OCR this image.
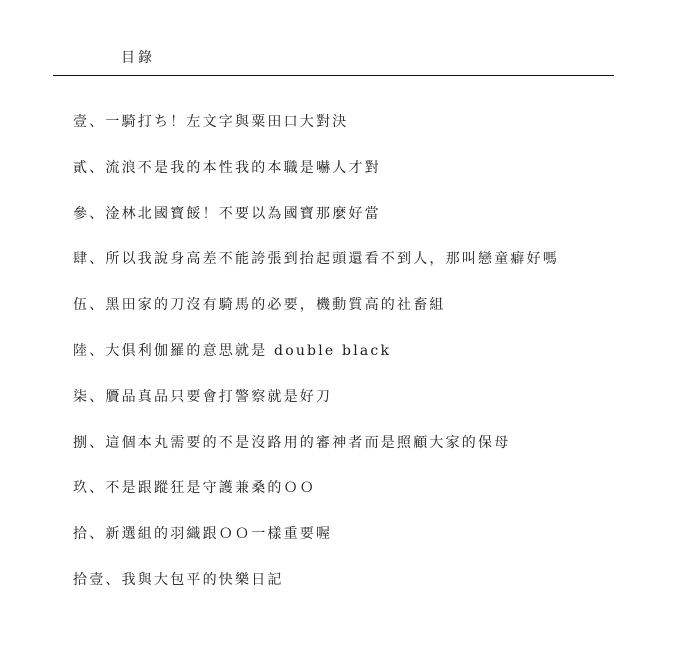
目錄
壹、一騎打ち！左文字與粟田口大對決
貳、流浪不是我的本性我的本職是嚇人才對
參、淦林北國寶餒！不要以為國寶那麼好當
肆、所以我說身高差不能誇張到抬起頭還看不到人，那叫戀童癖好嗎
伍、黑田家的刀沒有騎馬的必要，機動質高的社畜組
陸、大俱利伽羅的意思就是 double black
柒、贗品真品只要會打警察就是好刀
捌、這個本丸需要的不是沒路用的審神者而是照顧大家的保母
玖、不是跟蹤狂是守護兼桑的ＯＯ
拾、新選組的羽織跟ＯＯ一樣重要喔
拾壹、我與大包平的快樂日記
